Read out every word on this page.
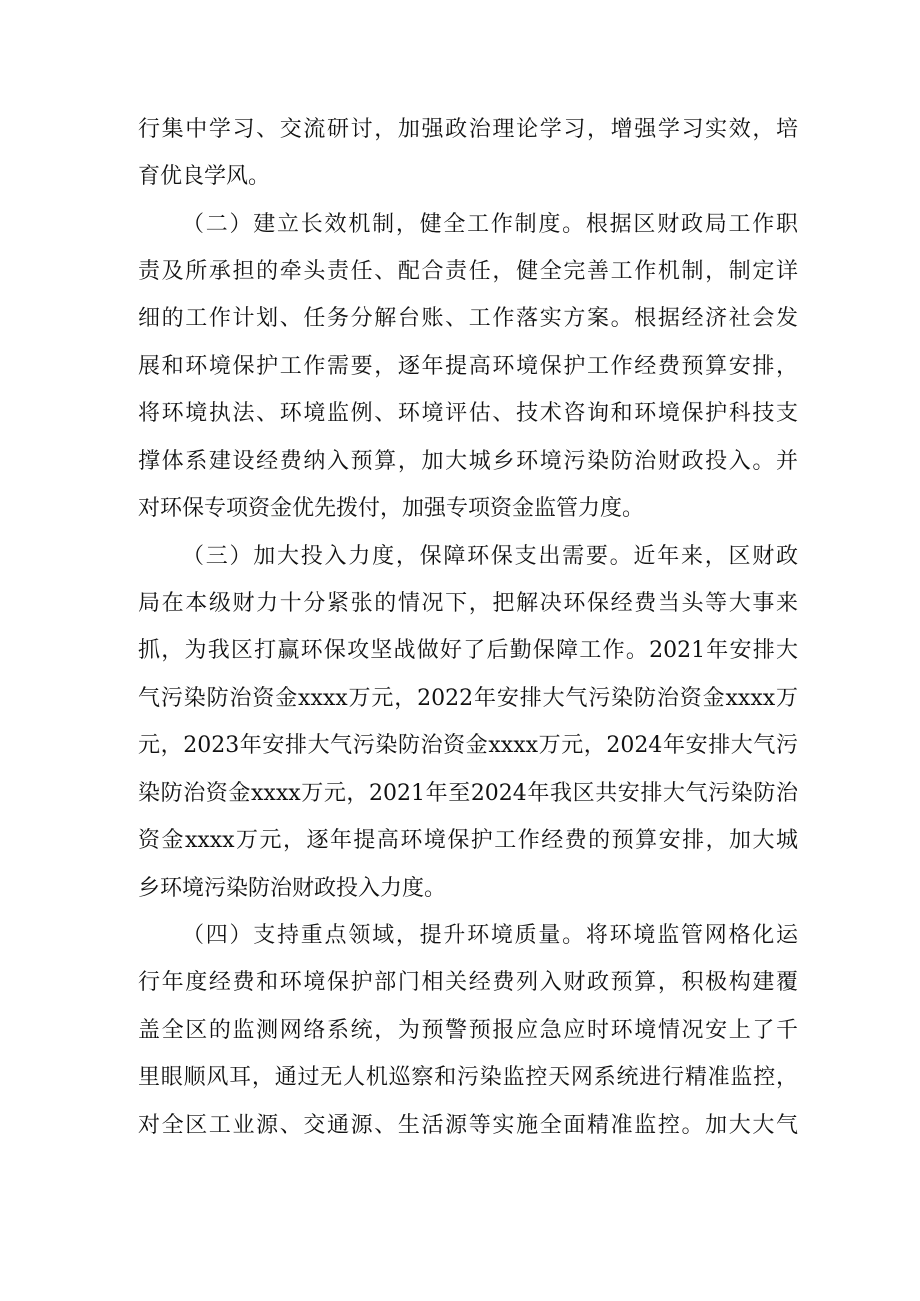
行集中学习、交流研讨，加强政治理论学习，增强学习实效，培
育优良学风。
（二）建立长效机制，健全工作制度。根据区财政局工作职
责及所承担的牵头责任、配合责任，健全完善工作机制，制定详
细的工作计划、任务分解台账、工作落实方案。根据经济社会发
展和环境保护工作需要，逐年提高环境保护工作经费预算安排，
将环境执法、环境监例、环境评估、技术咨询和环境保护科技支
撑体系建设经费纳入预算，加大城乡环境污染防治财政投入。并
对环保专项资金优先拨付，加强专项资金监管力度。
（三）加大投入力度，保障环保支出需要。近年来，区财政
局在本级财力十分紧张的情况下，把解决环保经费当头等大事来
抓，为我区打赢环保攻坚战做好了后勤保障工作。2021年安排大
气污染防治资金xxxx万元，2022年安排大气污染防治资金xxxx万
元，2023年安排大气污染防治资金xxxx万元，2024年安排大气污
染防治资金xxxx万元，2021年至2024年我区共安排大气污染防治
资金xxxx万元，逐年提高环境保护工作经费的预算安排，加大城
乡环境污染防治财政投入力度。
（四）支持重点领域，提升环境质量。将环境监管网格化运
行年度经费和环境保护部门相关经费列入财政预算，积极构建覆
盖全区的监测网络系统，为预警预报应急应时环境情况安上了千
里眼顺风耳，通过无人机巡察和污染监控天网系统进行精准监控，
对全区工业源、交通源、生活源等实施全面精准监控。加大大气
